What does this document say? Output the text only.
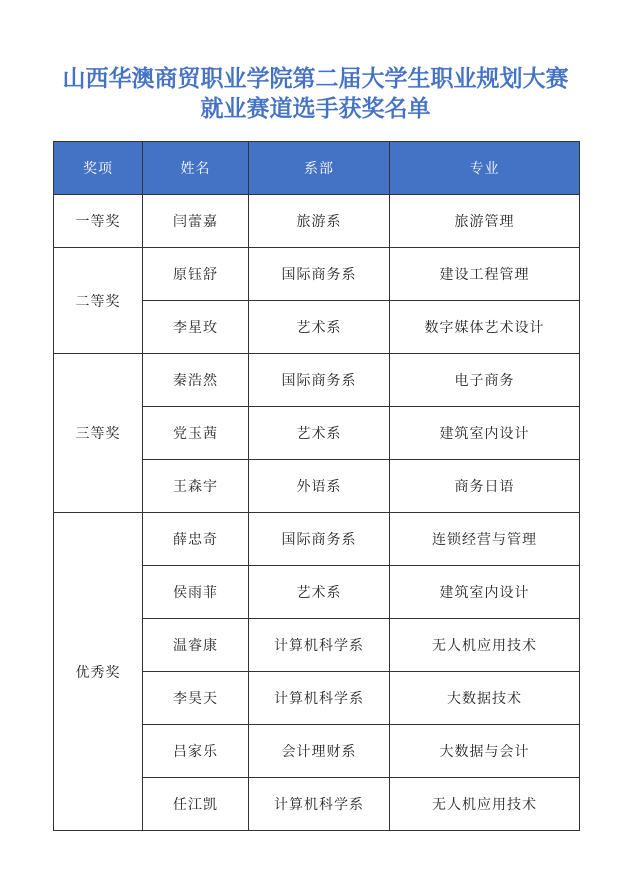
山西华澳商贸职业学院第二届大学生职业规划大赛
就业赛道选手获奖名单
奖项	姓名	系部	专业
一等奖	闫蕾嘉	旅游系	旅游管理
二等奖	原钰舒	国际商务系	建设工程管理
	李星玫	艺术系	数字媒体艺术设计
三等奖	秦浩然	国际商务系	电子商务
	党玉茜	艺术系	建筑室内设计
	王森宇	外语系	商务日语
优秀奖	薛忠奇	国际商务系	连锁经营与管理
	侯雨菲	艺术系	建筑室内设计
	温睿康	计算机科学系	无人机应用技术
	李昊天	计算机科学系	大数据技术
	吕家乐	会计理财系	大数据与会计
	任江凯	计算机科学系	无人机应用技术
